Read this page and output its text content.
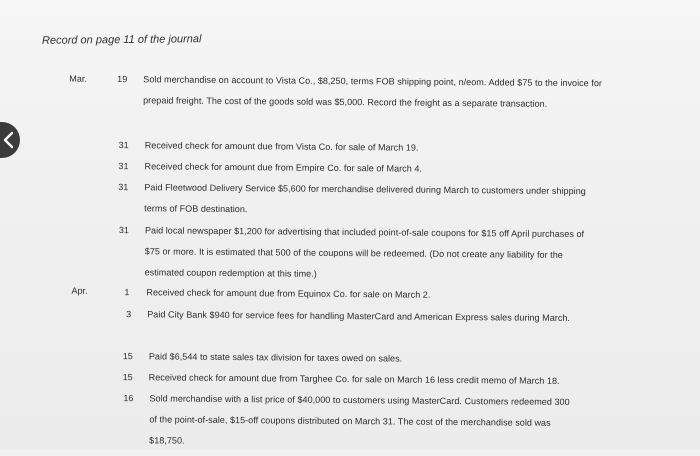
Record on page 11 of the journal
Mar.
Apr.
19 Sold merchandise on account to Vista Co., $8,250, terms FOB shipping point, n/eom. Added $75 to the invoice for prepaid freight. The cost of the goods sold was $5,000. Record the freight as a separate transaction.
31 Received check for amount due from Vista Co. for sale of March 19.
31 Received check for amount due from Empire Co. for sale of March 4.
31 Paid Fleetwood Delivery Service $5,600 for merchandise delivered during March to customers under shipping terms of FOB destination.
31 Paid local newspaper $1,200 for advertising that included point-of-sale coupons for $15 off April purchases of $75 or more. It is estimated that 500 of the coupons will be redeemed. (Do not create any liability for the estimated coupon redemption at this time.)
1 Received check for amount due from Equinox Co. for sale on March 2.
3 Paid City Bank $940 for service fees for handling MasterCard and American Express sales during March.
15 Paid $6,544 to state sales tax division for taxes owed on sales.
15 Received check for amount due from Targhee Co. for sale on March 16 less credit memo of March 18.
16 Sold merchandise with a list price of $40,000 to customers using MasterCard. Customers redeemed 300 of the point-of-sale, $15-off coupons distributed on March 31. The cost of the merchandise sold was $18,750.
